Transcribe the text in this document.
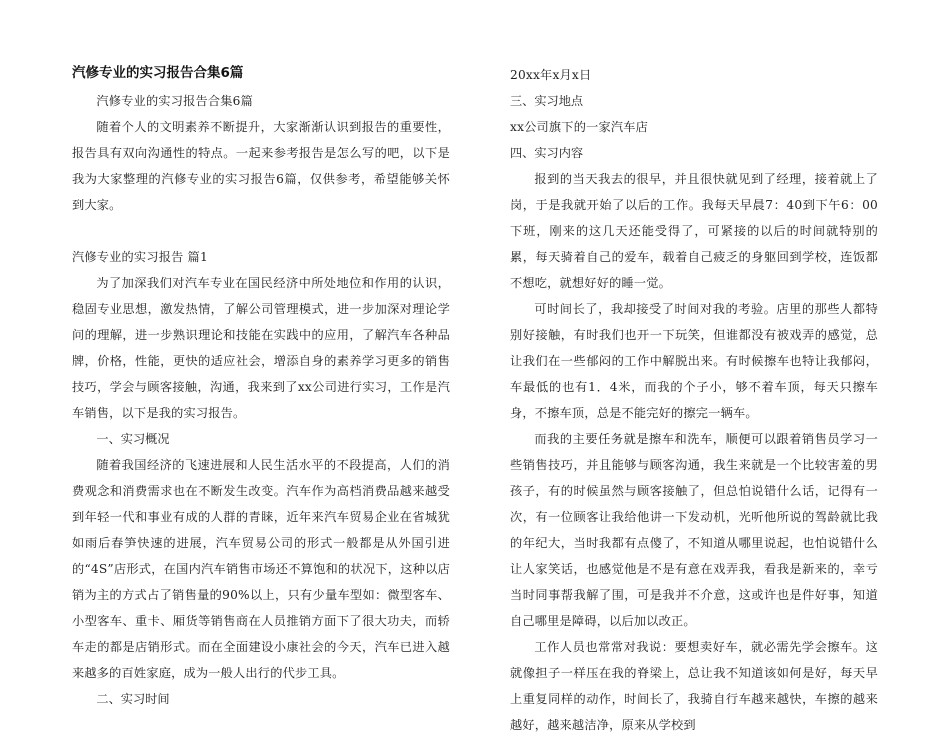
汽修专业的实习报告合集6篇

汽修专业的实习报告合集6篇

随着个人的文明素养不断提升，大家渐渐认识到报告的重要性，报告具有双向沟通性的特点。一起来参考报告是怎么写的吧，以下是我为大家整理的汽修专业的实习报告6篇，仅供参考，希望能够关怀到大家。

汽修专业的实习报告 篇1

为了加深我们对汽车专业在国民经济中所处地位和作用的认识，稳固专业思想，激发热情，了解公司管理模式，进一步加深对理论学问的理解，进一步熟识理论和技能在实践中的应用，了解汽车各种品牌，价格，性能，更快的适应社会，增添自身的素养学习更多的销售技巧，学会与顾客接触，沟通，我来到了xx公司进行实习，工作是汽车销售，以下是我的实习报告。

一、实习概况

随着我国经济的飞速进展和人民生活水平的不段提高，人们的消费观念和消费需求也在不断发生改变。汽车作为高档消费品越来越受到年轻一代和事业有成的人群的青睐，近年来汽车贸易企业在省城犹如雨后春笋快速的进展，汽车贸易公司的形式一般都是从外国引进的“4S”店形式，在国内汽车销售市场还不算饱和的状况下，这种以店销为主的方式占了销售量的90%以上，只有少量车型如：微型客车、小型客车、重卡、厢货等销售商在人员推销方面下了很大功夫，而轿车走的都是店销形式。而在全面建设小康社会的今天，汽车已进入越来越多的百姓家庭，成为一般人出行的代步工具。

二、实习时间

20xx年x月x日

三、实习地点

xx公司旗下的一家汽车店

四、实习内容

报到的当天我去的很早，并且很快就见到了经理，接着就上了岗，于是我就开始了以后的工作。我每天早晨7：40到下午6：00下班，刚来的这几天还能受得了，可紧接的以后的时间就特别的累，每天骑着自己的爱车，载着自己疲乏的身躯回到学校，连饭都不想吃，就想好好的睡一觉。

可时间长了，我却接受了时间对我的考验。店里的那些人都特别好接触，有时我们也开一下玩笑，但谁都没有被戏弄的感觉，总让我们在一些郁闷的工作中解脱出来。有时候擦车也特让我郁闷，车最低的也有1．4米，而我的个子小，够不着车顶，每天只擦车身，不擦车顶，总是不能完好的擦完一辆车。

而我的主要任务就是擦车和洗车，顺便可以跟着销售员学习一些销售技巧，并且能够与顾客沟通，我生来就是一个比较害羞的男孩子，有的时候虽然与顾客接触了，但总怕说错什么话，记得有一次，有一位顾客让我给他讲一下发动机，光听他所说的驾龄就比我的年纪大，当时我都有点傻了，不知道从哪里说起，也怕说错什么让人家笑话，也感觉他是不是有意在戏弄我，看我是新来的，幸亏当时同事帮我解了围，可是我并不介意，这或许也是件好事，知道自己哪里是障碍，以后加以改正。

工作人员也常常对我说：要想卖好车，就必需先学会擦车。这就像担子一样压在我的脊梁上，总让我不知道该如何是好，每天早上重复同样的动作，时间长了，我骑自行车越来越快，车擦的越来越好，越来越洁净，原来从学校到
